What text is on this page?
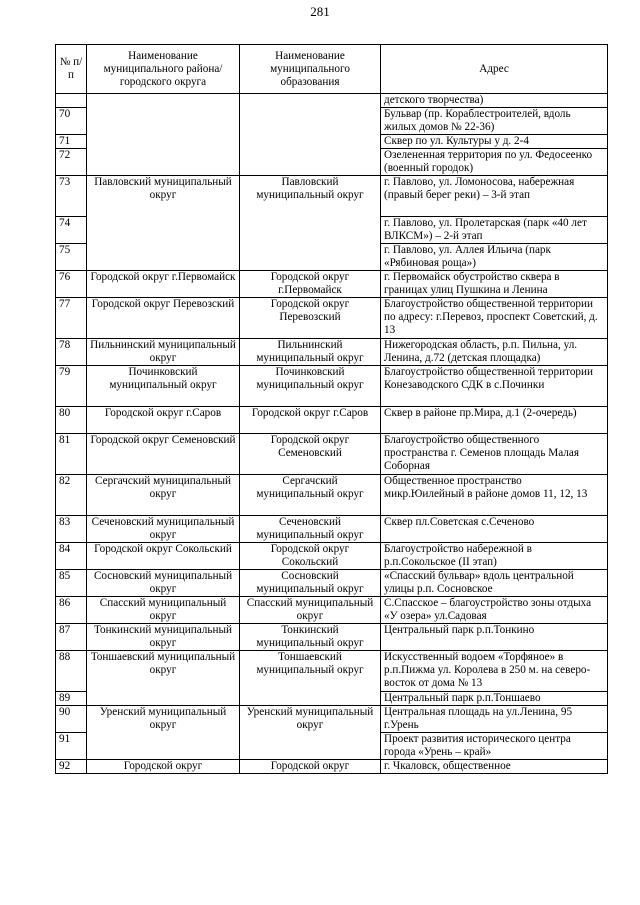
281
№ п/п	Наименование муниципального района/ городского округа	Наименование муниципального образования	Адрес
			детского творчества)
70			Бульвар (пр. Кораблестроителей, вдоль жилых домов № 22-36)
71			Сквер по ул. Культуры у д. 2-4
72			Озелененная территория по ул. Федосеенко (военный городок)
73	Павловский муниципальный округ	Павловский муниципальный округ	г. Павлово, ул. Ломоносова, набережная (правый берег реки) – 3-й этап
74			г. Павлово, ул. Пролетарская (парк «40 лет ВЛКСМ») – 2-й этап
75			г. Павлово, ул. Аллея Ильича (парк «Рябиновая роща»)
76	Городской округ г.Первомайск	Городской округ г.Первомайск	г. Первомайск обустройство сквера в границах улиц Пушкина и Ленина
77	Городской округ Перевозский	Городской округ Перевозский	Благоустройство общественной территории по адресу: г.Перевоз, проспект Советский, д. 13
78	Пильнинский муниципальный округ	Пильнинский муниципальный округ	Нижегородская область, р.п. Пильна, ул. Ленина, д.72 (детская площадка)
79	Починковский муниципальный округ	Починковский муниципальный округ	Благоустройство общественной территории Конезаводского СДК в с.Починки
80	Городской округ г.Саров	Городской округ г.Саров	Сквер в районе пр.Мира, д.1 (2-очередь)
81	Городской округ Семеновский	Городской округ Семеновский	Благоустройство общественного пространства г. Семенов площадь Малая Соборная
82	Сергачский муниципальный округ	Сергачский муниципальный округ	Общественное пространство микр.Юилейный в районе домов 11, 12, 13
83	Сеченовский муниципальный округ	Сеченовский муниципальный округ	Сквер пл.Советская с.Сеченово
84	Городской округ Сокольский	Городской округ Сокольский	Благоустройство набережной в р.п.Сокольское (II этап)
85	Сосновский муниципальный округ	Сосновский муниципальный округ	«Спасский бульвар» вдоль центральной улицы р.п. Сосновское
86	Спасский муниципальный округ	Спасский муниципальный округ	С.Спасское – благоустройство зоны отдыха «У озера» ул.Садовая
87	Тонкинский муниципальный округ	Тонкинский муниципальный округ	Центральный парк р.п.Тонкино
88	Тоншаевский муниципальный округ	Тоншаевский муниципальный округ	Искусственный водоем «Торфяное» в р.п.Пижма ул. Королева в 250 м. на северо-восток от дома № 13
89			Центральный парк р.п.Тоншаево
90	Уренский муниципальный округ	Уренский муниципальный округ	Центральная площадь на ул.Ленина, 95 г.Урень
91			Проект развития исторического центра города «Урень – край»
92	Городской округ	Городской округ	г. Чкаловск, общественное
